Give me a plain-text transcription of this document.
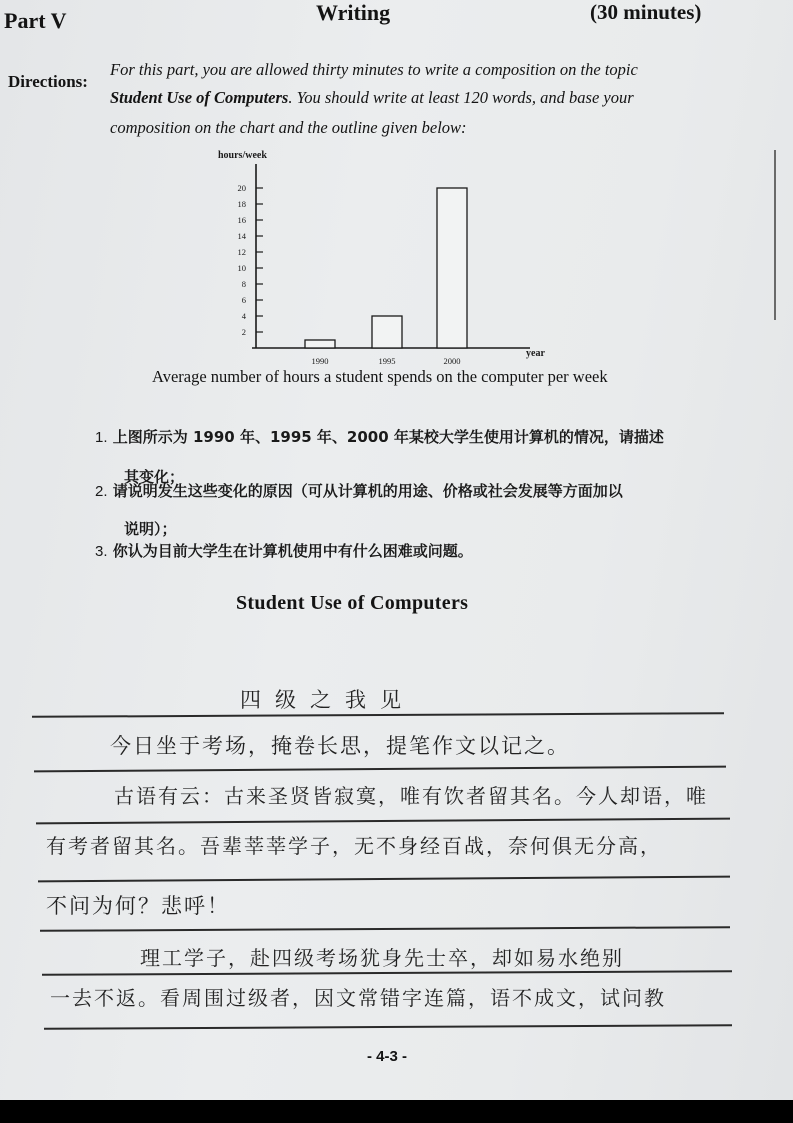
Part V	Writing	(30 minutes)
Directions:
For this part, you are allowed thirty minutes to write a composition on the topic
Student Use of Computers. You should write at least 120 words, and base your
composition on the chart and the outline given below:
hours/week
2
4
6
8
10
12
14
16
18
20
1990	1995	2000
year
Average number of hours a student spends on the computer per week
1. 上图所示为 1990 年、1995 年、2000 年某校大学生使用计算机的情况，请描述
其变化；
2. 请说明发生这些变化的原因（可从计算机的用途、价格或社会发展等方面加以
说明）；
3. 你认为目前大学生在计算机使用中有什么困难或问题。
Student Use of Computers
四级之我见
今日坐于考场，掩卷长思，提笔作文以记之。
古语有云：古来圣贤皆寂寞，唯有饮者留其名。今人却语，唯
有考者留其名。吾辈莘莘学子，无不身经百战，奈何俱无分高，
不问为何？悲呼！
理工学子，赴四级考场犹身先士卒，却如易水绝别
一去不返。看周围过级者，因文常错字连篇，语不成文，试问教
- 4-3 -
